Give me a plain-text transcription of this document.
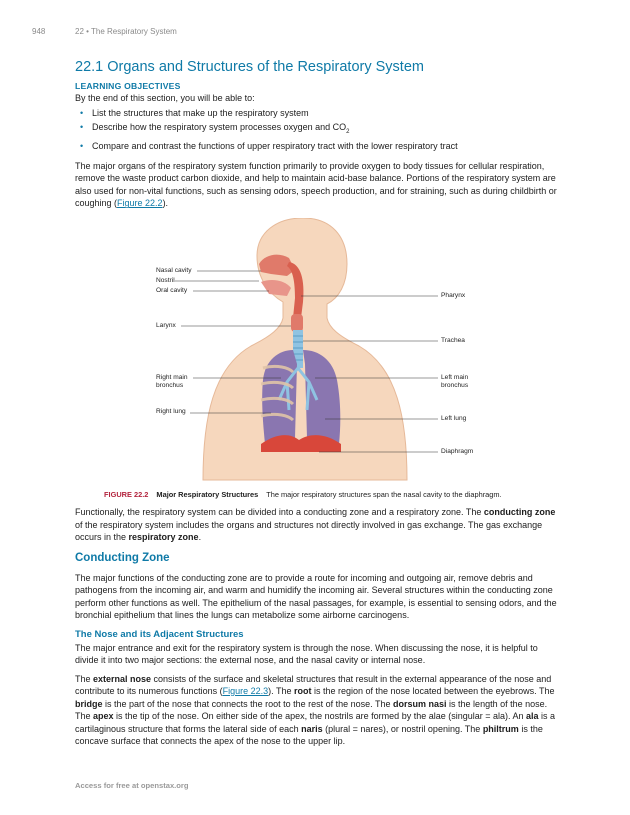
948	22 • The Respiratory System
22.1 Organs and Structures of the Respiratory System
LEARNING OBJECTIVES
By the end of this section, you will be able to:
• List the structures that make up the respiratory system
• Describe how the respiratory system processes oxygen and $CO_2$
• Compare and contrast the functions of upper respiratory tract with the lower respiratory tract

The major organs of the respiratory system function primarily to provide oxygen to body tissues for cellular respiration, remove the waste product carbon dioxide, and help to maintain acid-base balance. Portions of the respiratory system are also used for non-vital functions, such as sensing odors, speech production, and for straining, such as during childbirth or coughing (Figure 22.2).

Nasal cavity
Nostril
Oral cavity
Larynx
Right main
bronchus
Right lung
Pharynx
Trachea
Left main
bronchus
Left lung
Diaphragm
FIGURE 22.2 Major Respiratory Structures The major respiratory structures span the nasal cavity to the diaphragm.

Functionally, the respiratory system can be divided into a conducting zone and a respiratory zone. The conducting zone of the respiratory system includes the organs and structures not directly involved in gas exchange. The gas exchange occurs in the respiratory zone.

Conducting Zone

The major functions of the conducting zone are to provide a route for incoming and outgoing air, remove debris and pathogens from the incoming air, and warm and humidify the incoming air. Several structures within the conducting zone perform other functions as well. The epithelium of the nasal passages, for example, is essential to sensing odors, and the bronchial epithelium that lines the lungs can metabolize some airborne carcinogens.

The Nose and its Adjacent Structures

The major entrance and exit for the respiratory system is through the nose. When discussing the nose, it is helpful to divide it into two major sections: the external nose, and the nasal cavity or internal nose.

The external nose consists of the surface and skeletal structures that result in the external appearance of the nose and contribute to its numerous functions (Figure 22.3). The root is the region of the nose located between the eyebrows. The bridge is the part of the nose that connects the root to the rest of the nose. The dorsum nasi is the length of the nose. The apex is the tip of the nose. On either side of the apex, the nostrils are formed by the alae (singular = ala). An ala is a cartilaginous structure that forms the lateral side of each naris (plural = nares), or nostril opening. The philtrum is the concave surface that connects the apex of the nose to the upper lip.

Access for free at openstax.org
